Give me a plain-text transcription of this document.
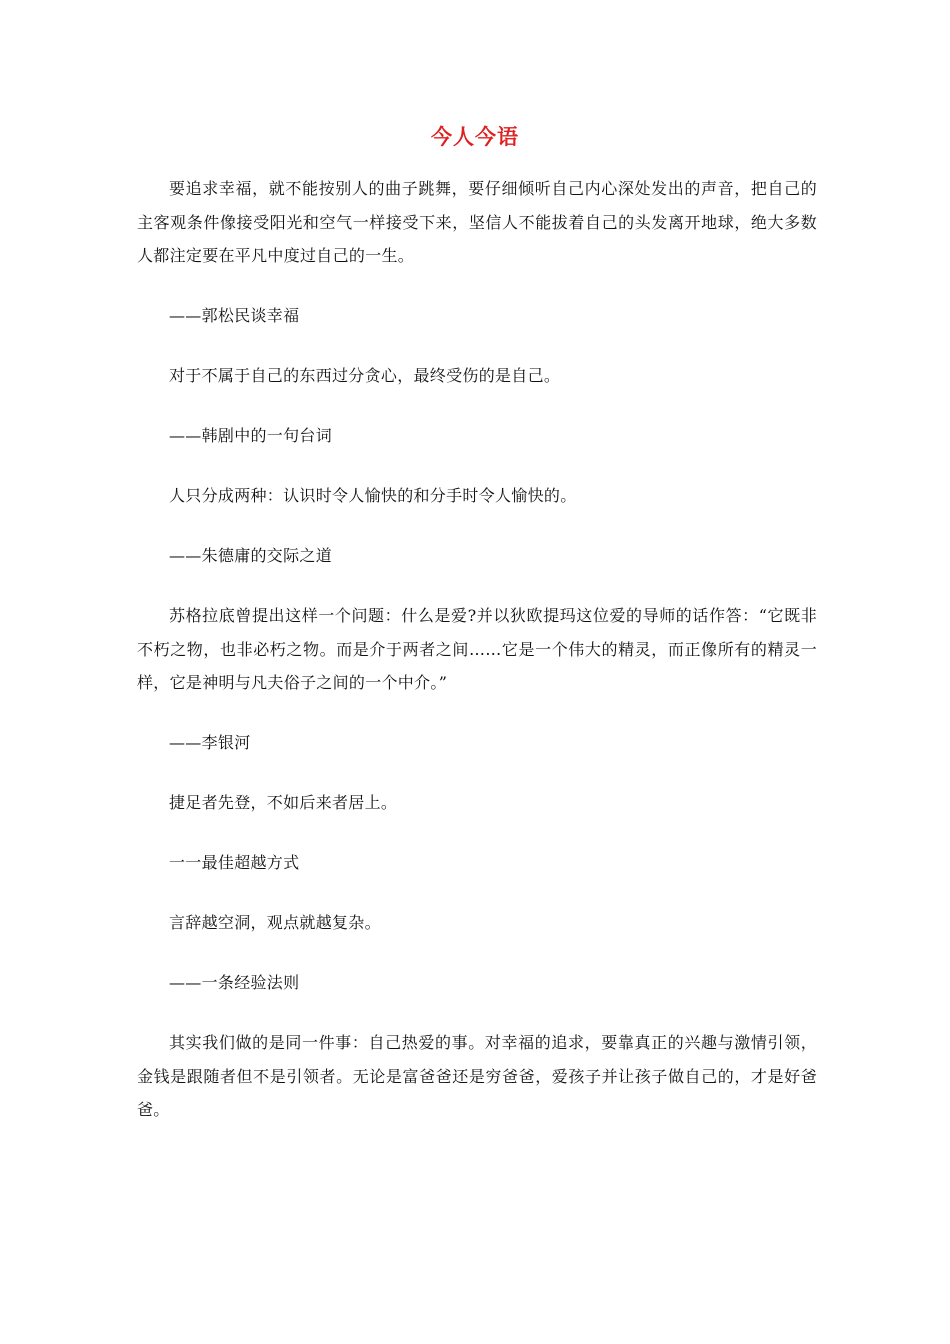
今人今语

要追求幸福，就不能按别人的曲子跳舞，要仔细倾听自己内心深处发出的声音，把自己的主客观条件像接受阳光和空气一样接受下来，坚信人不能拔着自己的头发离开地球，绝大多数人都注定要在平凡中度过自己的一生。

——郭松民谈幸福

对于不属于自己的东西过分贪心，最终受伤的是自己。

——韩剧中的一句台词

人只分成两种：认识时令人愉快的和分手时令人愉快的。

——朱德庸的交际之道

苏格拉底曾提出这样一个问题：什么是爱?并以狄欧提玛这位爱的导师的话作答：“它既非不朽之物，也非必朽之物。而是介于两者之间……它是一个伟大的精灵，而正像所有的精灵一样，它是神明与凡夫俗子之间的一个中介。”

——李银河

捷足者先登，不如后来者居上。

一一最佳超越方式

言辞越空洞，观点就越复杂。

——一条经验法则

其实我们做的是同一件事：自己热爱的事。对幸福的追求，要靠真正的兴趣与激情引领，金钱是跟随者但不是引领者。无论是富爸爸还是穷爸爸，爱孩子并让孩子做自己的，才是好爸爸。
